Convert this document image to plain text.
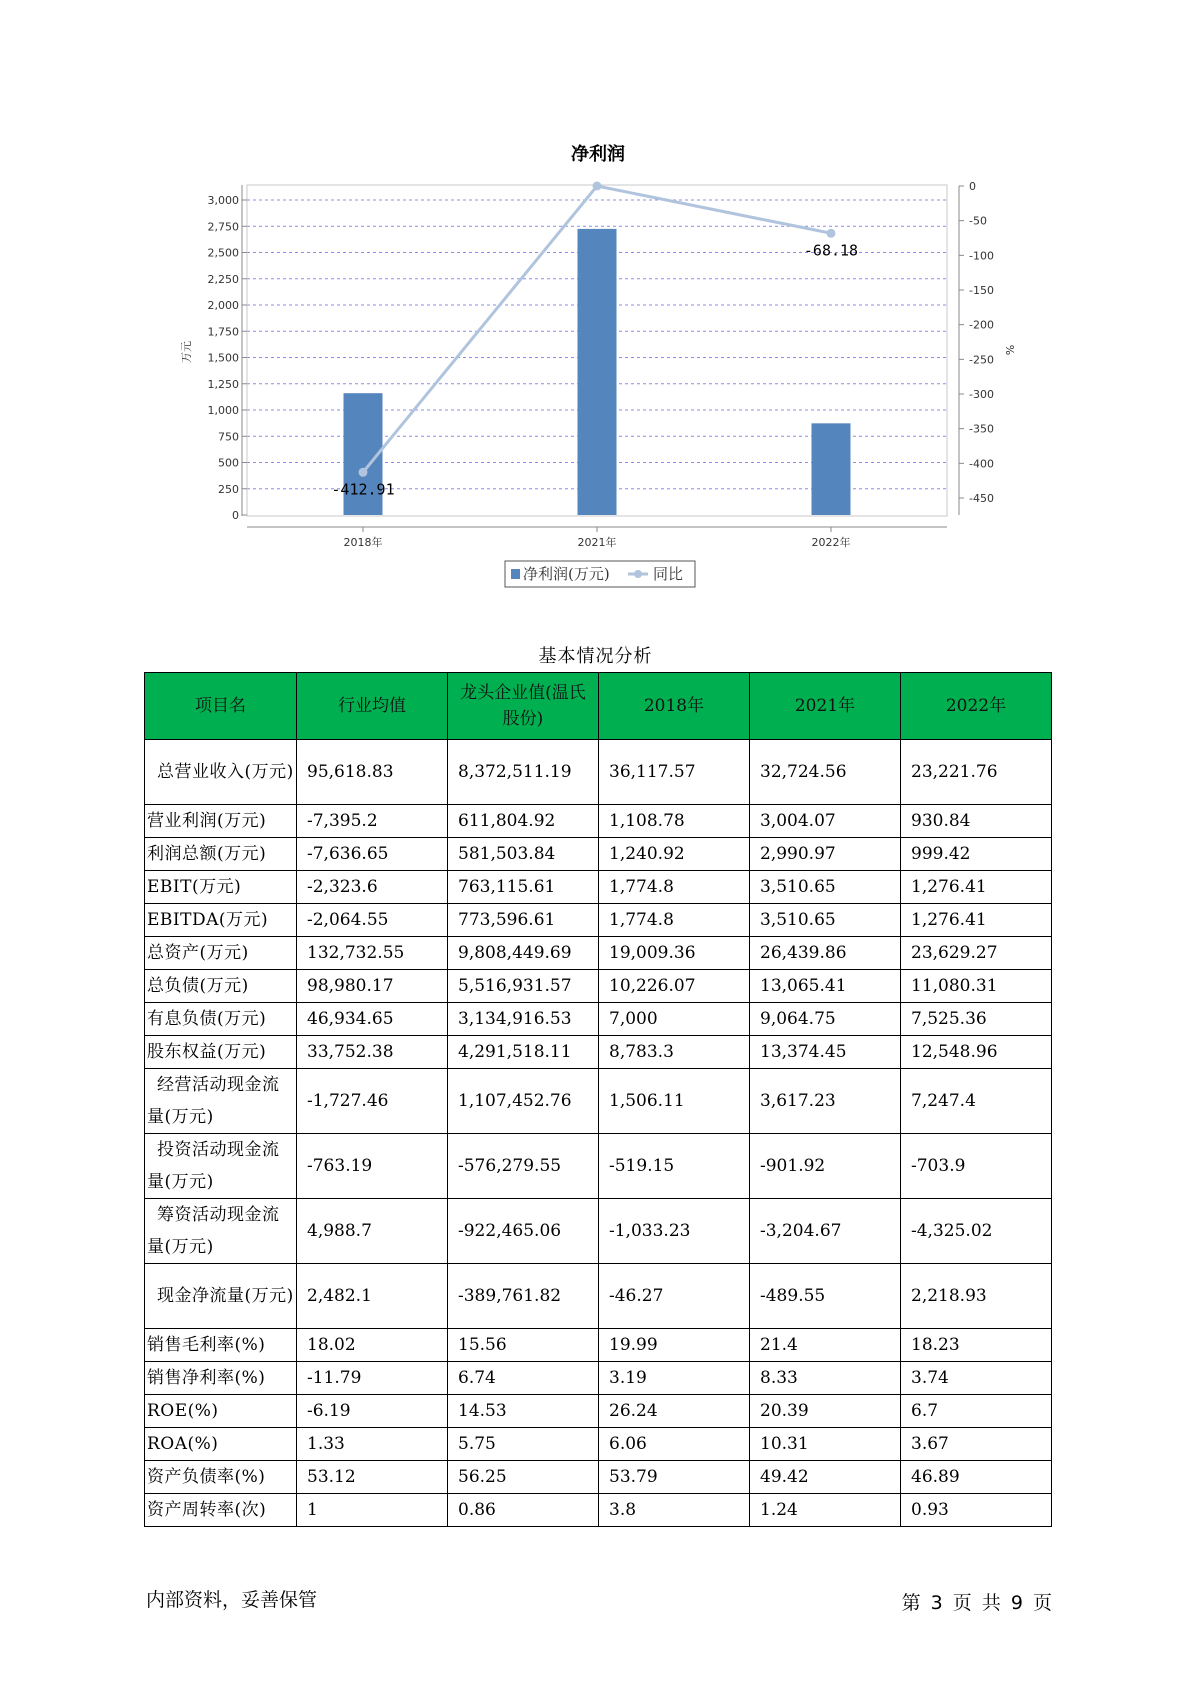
净利润
0
250
500
750
1,000
1,250
1,500
1,750
2,000
2,250
2,500
2,750
3,000
万元
0
-50
-100
-150
-200
-250
-300
-350
-400
-450
%
2018年	2021年	2022年
-412.91
-68.18
净利润(万元)	同比
基本情况分析
项目名	行业均值	龙头企业值(温氏股份)	2018年	2021年	2022年
总营业收入(万元)	95,618.83	8,372,511.19	36,117.57	32,724.56	23,221.76
营业利润(万元)	-7,395.2	611,804.92	1,108.78	3,004.07	930.84
利润总额(万元)	-7,636.65	581,503.84	1,240.92	2,990.97	999.42
EBIT(万元)	-2,323.6	763,115.61	1,774.8	3,510.65	1,276.41
EBITDA(万元)	-2,064.55	773,596.61	1,774.8	3,510.65	1,276.41
总资产(万元)	132,732.55	9,808,449.69	19,009.36	26,439.86	23,629.27
总负债(万元)	98,980.17	5,516,931.57	10,226.07	13,065.41	11,080.31
有息负债(万元)	46,934.65	3,134,916.53	7,000	9,064.75	7,525.36
股东权益(万元)	33,752.38	4,291,518.11	8,783.3	13,374.45	12,548.96
经营活动现金流量(万元)	-1,727.46	1,107,452.76	1,506.11	3,617.23	7,247.4
投资活动现金流量(万元)	-763.19	-576,279.55	-519.15	-901.92	-703.9
筹资活动现金流量(万元)	4,988.7	-922,465.06	-1,033.23	-3,204.67	-4,325.02
现金净流量(万元)	2,482.1	-389,761.82	-46.27	-489.55	2,218.93
销售毛利率(%)	18.02	15.56	19.99	21.4	18.23
销售净利率(%)	-11.79	6.74	3.19	8.33	3.74
ROE(%)	-6.19	14.53	26.24	20.39	6.7
ROA(%)	1.33	5.75	6.06	10.31	3.67
资产负债率(%)	53.12	56.25	53.79	49.42	46.89
资产周转率(次)	1	0.86	3.8	1.24	0.93
内部资料，妥善保管	第 3 页 共 9 页
